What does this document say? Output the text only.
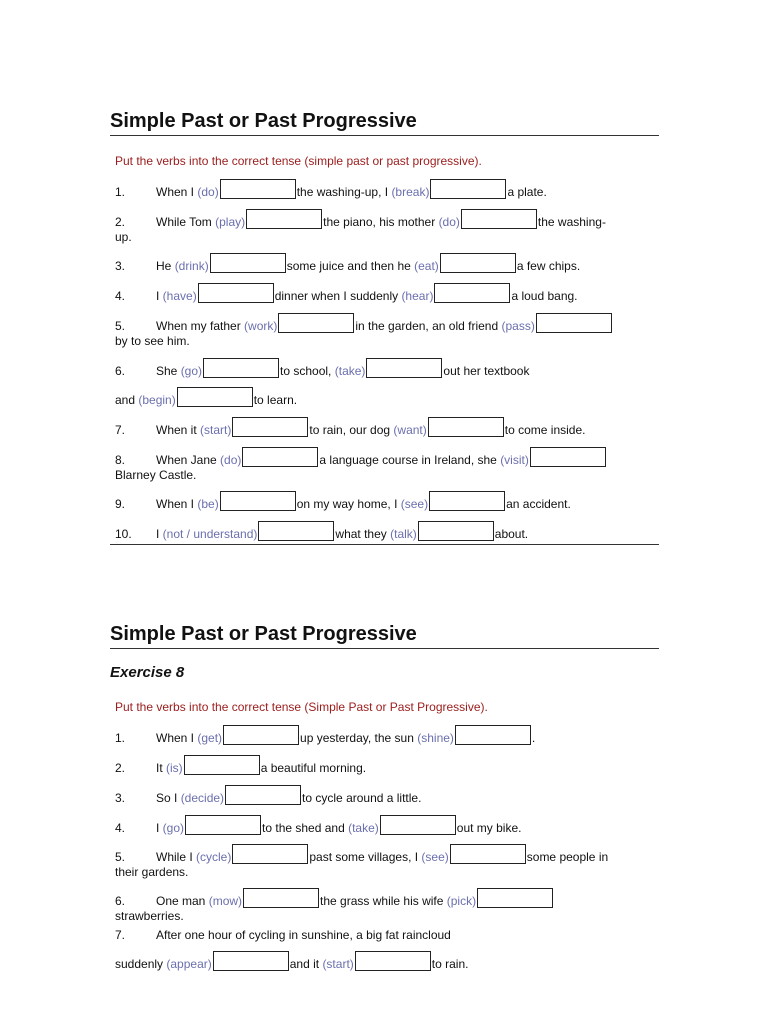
Simple Past or Past Progressive
Put the verbs into the correct tense (simple past or past progressive).
1.	When I (do)	the washing-up, I (break)	a plate.
2.	While Tom (play)	the piano, his mother (do)	the washing-
up.
3.	He (drink)	some juice and then he (eat)	a few chips.
4.	I (have)	dinner when I suddenly (hear)	a loud bang.
5.	When my father (work)	in the garden, an old friend (pass)
by to see him.
6.	She (go)	to school, (take)	out her textbook
and (begin)	to learn.
7.	When it (start)	to rain, our dog (want)	to come inside.
8.	When Jane (do)	a language course in Ireland, she (visit)
Blarney Castle.
9.	When I (be)	on my way home, I (see)	an accident.
10. I (not / understand)	what they (talk)	about.
Simple Past or Past Progressive
Exercise 8
Put the verbs into the correct tense (Simple Past or Past Progressive).
1.	When I (get)	up yesterday, the sun (shine)	.
2.	It (is)	a beautiful morning.
3.	So I (decide)	to cycle around a little.
4.	I (go)	to the shed and (take)	out my bike.
5.	While I (cycle)	past some villages, I (see)	some people in
their gardens.
6.	One man (mow)	the grass while his wife (pick)
strawberries.
7.	After one hour of cycling in sunshine, a big fat raincloud
suddenly (appear)	and it (start)	to rain.
